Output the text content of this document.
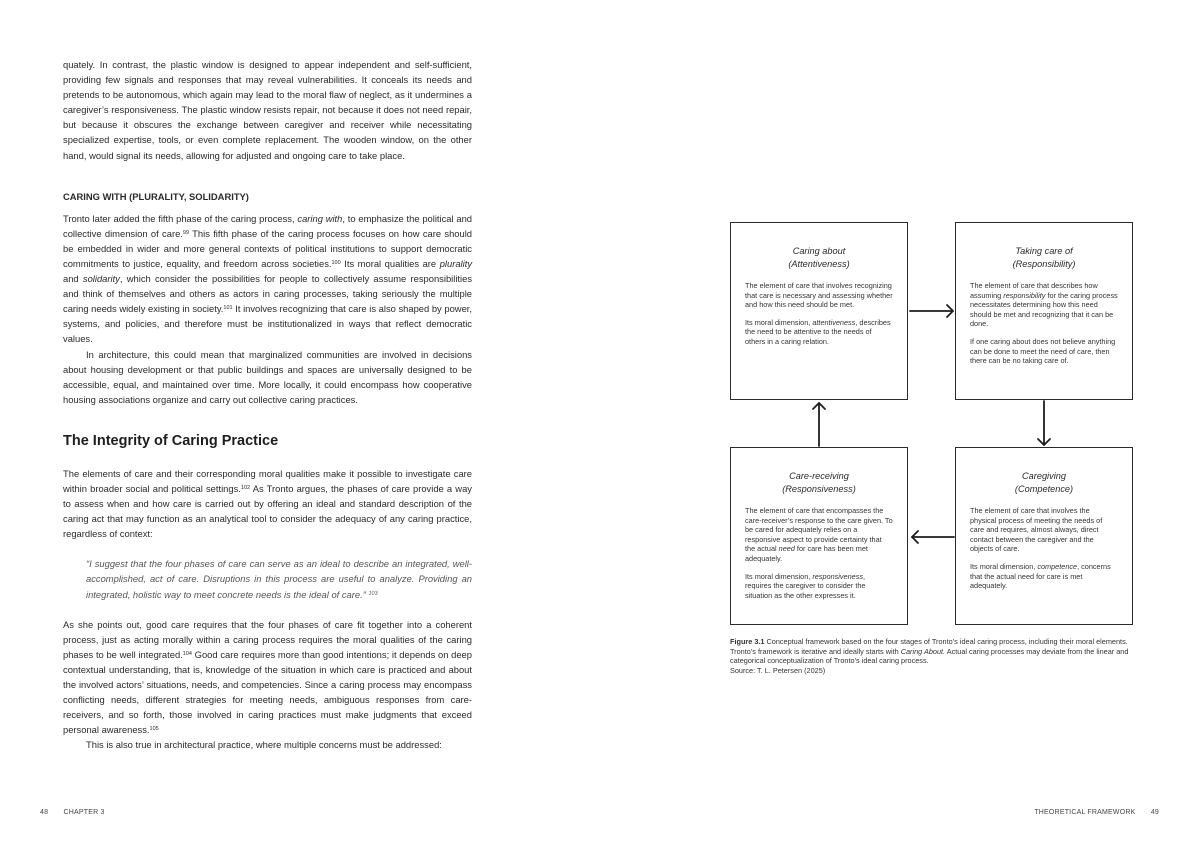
quately. In contrast, the plastic window is designed to appear independent and self-sufficient, providing few signals and responses that may reveal vulnerabilities. It conceals its needs and pretends to be autonomous, which again may lead to the moral flaw of neglect, as it undermines a caregiver’s responsiveness. The plastic window resists repair, not because it does not need repair, but because it obscures the exchange between caregiver and receiver while necessitating specialized expertise, tools, or even complete replacement. The wooden window, on the other hand, would signal its needs, allowing for adjusted and ongoing care to take place.

CARING WITH (PLURALITY, SOLIDARITY)

Tronto later added the fifth phase of the caring process, caring with, to emphasize the political and collective dimension of care.$^{99}$ This fifth phase of the caring process focuses on how care should be embedded in wider and more general contexts of political institutions to support democratic commitments to justice, equality, and freedom across societies.$^{100}$ Its moral qualities are plurality and solidarity, which consider the possibilities for people to collectively assume responsibilities and think of themselves and others as actors in caring processes, taking seriously the multiple caring needs widely existing in society.$^{101}$ It involves recognizing that care is also shaped by power, systems, and policies, and therefore must be institutionalized in ways that reflect democratic values.

In architecture, this could mean that marginalized communities are involved in decisions about housing development or that public buildings and spaces are universally designed to be accessible, equal, and maintained over time. More locally, it could encompass how cooperative housing associations organize and carry out collective caring practices.

The Integrity of Caring Practice

The elements of care and their corresponding moral qualities make it possible to investigate care within broader social and political settings.$^{102}$ As Tronto argues, the phases of care provide a way to assess when and how care is carried out by offering an ideal and standard description of the caring act that may function as an analytical tool to consider the adequacy of any caring practice, regardless of context:

“I suggest that the four phases of care can serve as an ideal to describe an integrated, well-accomplished, act of care. Disruptions in this process are useful to analyze. Providing an integrated, holistic way to meet concrete needs is the ideal of care.” $^{103}$

As she points out, good care requires that the four phases of care fit together into a coherent process, just as acting morally within a caring process requires the moral qualities of the caring phases to be well integrated.$^{104}$ Good care requires more than good intentions; it depends on deep contextual understanding, that is, knowledge of the situation in which care is practiced and about the involved actors’ situations, needs, and competencies. Since a caring process may encompass conflicting needs, different strategies for meeting needs, ambiguous responses from care-receivers, and so forth, those involved in caring practices must make judgments that exceed personal awareness.$^{105}$

This is also true in architectural practice, where multiple concerns must be addressed:

Caring about
(Attentiveness)

The element of care that involves recognizing that care is necessary and assessing whether and how this need should be met.

Its moral dimension, attentiveness, describes the need to be attentive to the needs of others in a caring relation.

Taking care of
(Responsibility)

The element of care that describes how assuming responsibility for the caring process necessitates determining how this need should be met and recognizing that it can be done.

If one caring about does not believe anything can be done to meet the need of care, then there can be no taking care of.

Care-receiving
(Responsiveness)

The element of care that encompasses the care-receiver’s response to the care given. To be cared for adequately relies on a responsive aspect to provide certainty that the actual need for care has been met adequately.

Its moral dimension, responsiveness, requires the caregiver to consider the situation as the other expresses it.

Caregiving
(Competence)

The element of care that involves the physical process of meeting the needs of care and requires, almost always, direct contact between the caregiver and the objects of care.

Its moral dimension, competence, concerns that the actual need for care is met adequately.

Figure 3.1 Conceptual framework based on the four stages of Tronto’s ideal caring process, including their moral elements. Tronto’s framework is iterative and ideally starts with Caring About. Actual caring processes may deviate from the linear and categorical conceptualization of Tronto’s ideal caring process.

Source: T. L. Petersen (2025)

48 CHAPTER 3	THEORETICAL FRAMEWORK 49
